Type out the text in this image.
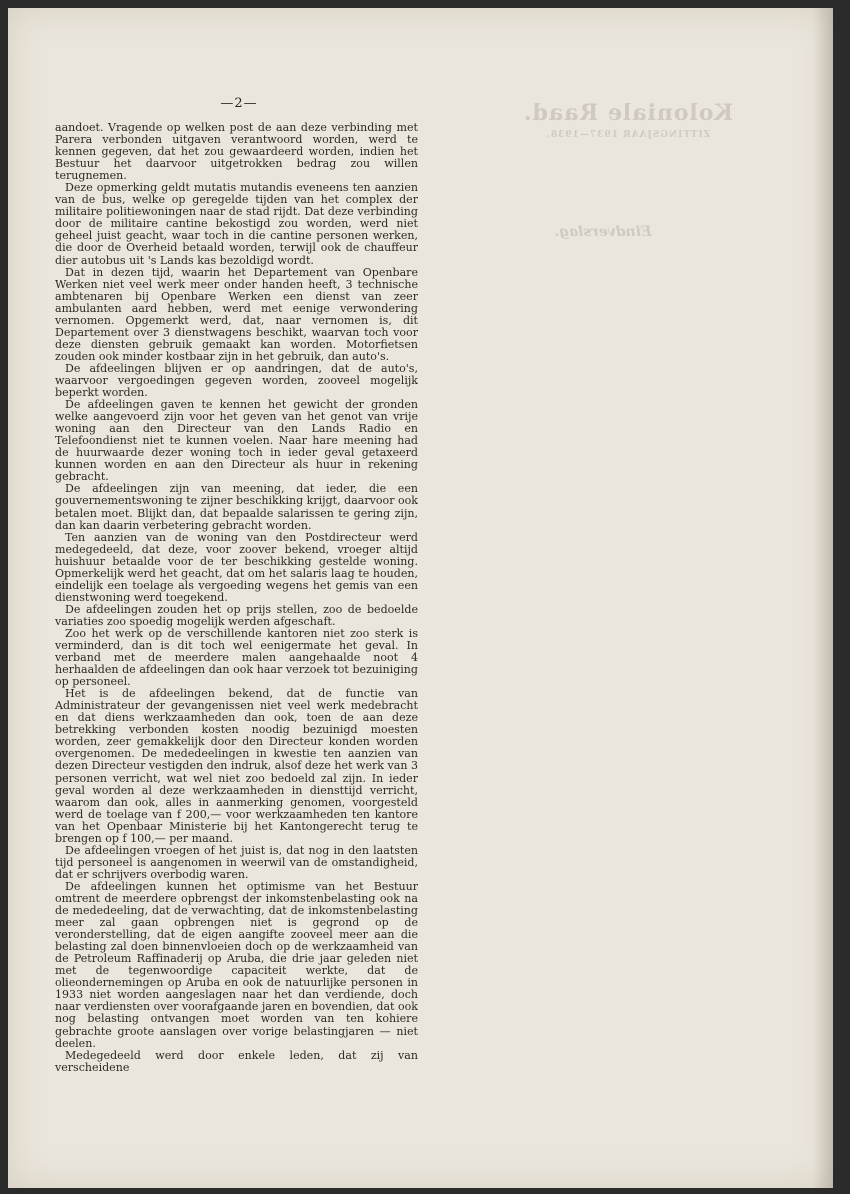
Koloniale Raad.
ZITTINGSJAAR 1937—1938.
Eindverslag.
—2—

aandoet. Vragende op welken post de aan deze verbinding met Parera verbonden uitgaven verantwoord worden, werd te kennen gegeven, dat het zou gewaardeerd worden, indien het Bestuur het daarvoor uitgetrokken bedrag zou willen terugnemen.

Deze opmerking geldt mutatis mutandis eveneens ten aanzien van de bus, welke op geregelde tijden van het complex der militaire politiewoningen naar de stad rijdt. Dat deze verbinding door de militaire cantine bekostigd zou worden, werd niet geheel juist geacht, waar toch in die cantine personen werken, die door de Overheid betaald worden, terwijl ook de chauffeur dier autobus uit 's Lands kas bezoldigd wordt.

Dat in dezen tijd, waarin het Departement van Openbare Werken niet veel werk meer onder handen heeft, 3 technische ambtenaren bij Openbare Werken een dienst van zeer ambulanten aard hebben, werd met eenige verwondering vernomen. Opgemerkt werd, dat, naar vernomen is, dit Departement over 3 dienstwagens beschikt, waarvan toch voor deze diensten gebruik gemaakt kan worden. Motorfietsen zouden ook minder kostbaar zijn in het gebruik, dan auto's.

De afdeelingen blijven er op aandringen, dat de auto's, waarvoor vergoedingen gegeven worden, zooveel mogelijk beperkt worden.

De afdeelingen gaven te kennen het gewicht der gronden welke aangevoerd zijn voor het geven van het genot van vrije woning aan den Directeur van den Lands Radio en Telefoondienst niet te kunnen voelen. Naar hare meening had de huurwaarde dezer woning toch in ieder geval getaxeerd kunnen worden en aan den Directeur als huur in rekening gebracht.

De afdeelingen zijn van meening, dat ieder, die een gouvernementswoning te zijner beschikking krijgt, daarvoor ook betalen moet. Blijkt dan, dat bepaalde salarissen te gering zijn, dan kan daarin verbetering gebracht worden.

Ten aanzien van de woning van den Postdirecteur werd medegedeeld, dat deze, voor zoover bekend, vroeger altijd huishuur betaalde voor de ter beschikking gestelde woning. Opmerkelijk werd het geacht, dat om het salaris laag te houden, eindelijk een toelage als vergoeding wegens het gemis van een dienstwoning werd toegekend.

De afdeelingen zouden het op prijs stellen, zoo de bedoelde variaties zoo spoedig mogelijk werden afgeschaft.

Zoo het werk op de verschillende kantoren niet zoo sterk is verminderd, dan is dit toch wel eenigermate het geval. In verband met de meerdere malen aangehaalde noot 4 herhaalden de afdeelingen dan ook haar verzoek tot bezuiniging op personeel.

Het is de afdeelingen bekend, dat de functie van Administrateur der gevangenissen niet veel werk medebracht en dat diens werkzaamheden dan ook, toen de aan deze betrekking verbonden kosten noodig bezuinigd moesten worden, zeer gemakkelijk door den Directeur konden worden overgenomen. De mededeelingen in kwestie ten aanzien van dezen Directeur vestigden den indruk, alsof deze het werk van 3 personen verricht, wat wel niet zoo bedoeld zal zijn. In ieder geval worden al deze werkzaamheden in diensttijd verricht, waarom dan ook, alles in aanmerking genomen, voorgesteld werd de toelage van f 200,— voor werkzaamheden ten kantore van het Openbaar Ministerie bij het Kantongerecht terug te brengen op f 100,— per maand.

De afdeelingen vroegen of het juist is, dat nog in den laatsten tijd personeel is aangenomen in weerwil van de omstandigheid, dat er schrijvers overbodig waren.

De afdeelingen kunnen het optimisme van het Bestuur omtrent de meerdere opbrengst der inkomstenbelasting ook na de mededeeling, dat de verwachting, dat de inkomstenbelasting meer zal gaan opbrengen niet is gegrond op de veronderstelling, dat de eigen aangifte zooveel meer aan die belasting zal doen binnenvloeien doch op de werkzaamheid van de Petroleum Raffinaderij op Aruba, die drie jaar geleden niet met de tegenwoordige capaciteit werkte, dat de olieondernemingen op Aruba en ook de natuurlijke personen in 1933 niet worden aangeslagen naar het dan verdiende, doch naar verdiensten over voorafgaande jaren en bovendien, dat ook nog belasting ontvangen moet worden van ten kohiere gebrachte groote aanslagen over vorige belastingjaren — niet deelen.

Medegedeeld werd door enkele leden, dat zij van verscheidene
